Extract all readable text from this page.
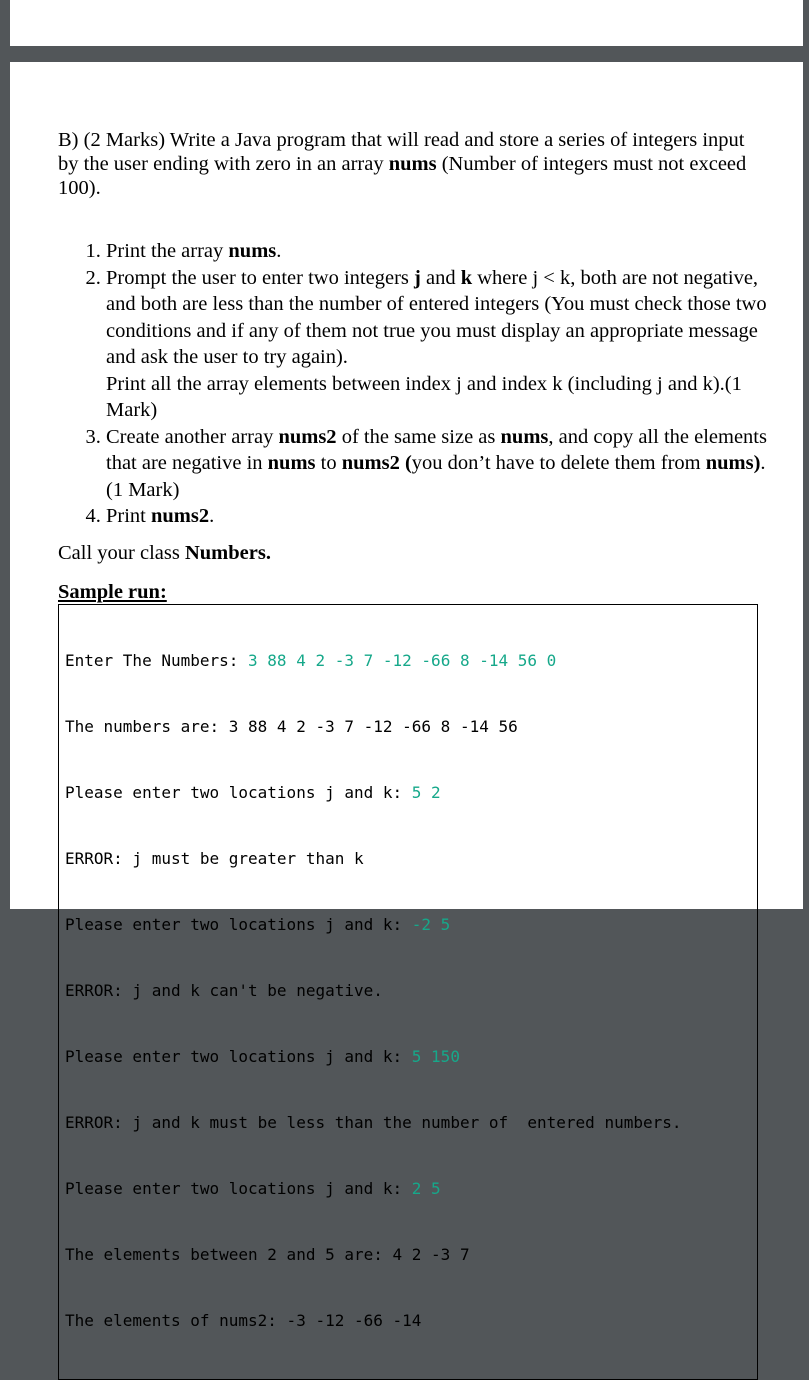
B) (2 Marks) Write a Java program that will read and store a series of integers input by the user ending with zero in an array nums (Number of integers must not exceed 100).

1. Print the array nums.
2. Prompt the user to enter two integers j and k where j < k, both are not negative, and both are less than the number of entered integers (You must check those two conditions and if any of them not true you must display an appropriate message and ask the user to try again).
Print all the array elements between index j and index k (including j and k).(1 Mark)
3. Create another array nums2 of the same size as nums, and copy all the elements that are negative in nums to nums2 (you don’t have to delete them from nums). (1 Mark)
4. Print nums2.

Call your class Numbers.

Sample run:

Enter The Numbers: 3 88 4 2 -3 7 -12 -66 8 -14 56 0

The numbers are: 3 88 4 2 -3 7 -12 -66 8 -14 56

Please enter two locations j and k: 5 2

ERROR: j must be greater than k

Please enter two locations j and k: -2 5

ERROR: j and k can't be negative.

Please enter two locations j and k: 5 150

ERROR: j and k must be less than the number of  entered numbers.

Please enter two locations j and k: 2 5

The elements between 2 and 5 are: 4 2 -3 7

The elements of nums2: -3 -12 -66 -14
